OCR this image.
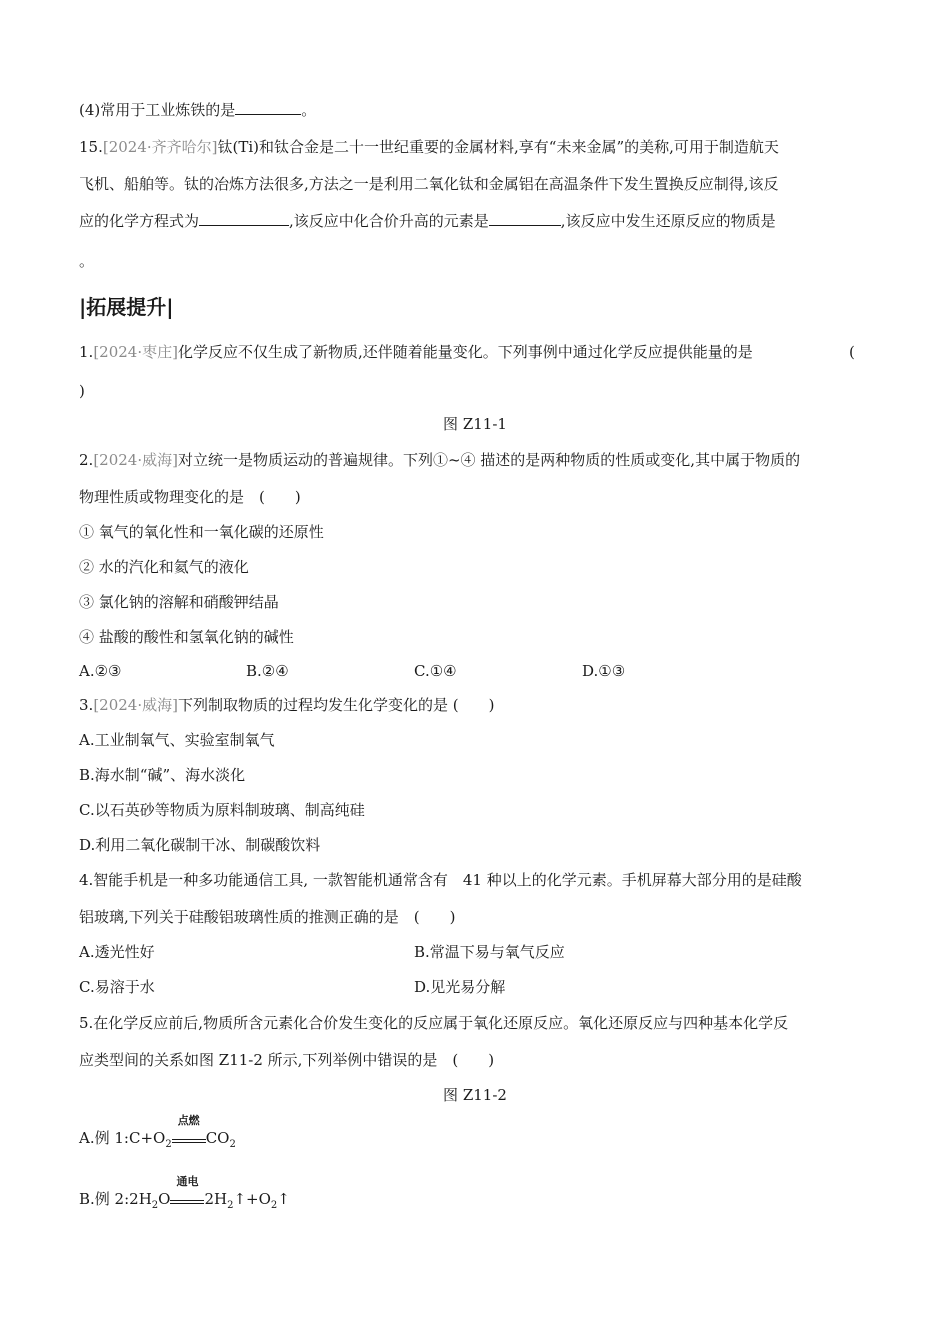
(4)常用于工业炼铁的是	。
15.[2024·齐齐哈尔]钛(Ti)和钛合金是二十一世纪重要的金属材料,享有“未来金属”的美称,可用于制造航天
飞机、船舶等。钛的冶炼方法很多,方法之一是利用二氧化钛和金属铝在高温条件下发生置换反应制得,该反
应的化学方程式为	,该反应中化合价升高的元素是	,该反应中发生还原反应的物质是
。
|拓展提升|
1.[2024·枣庄]化学反应不仅生成了新物质,还伴随着能量变化。下列事例中通过化学反应提供能量的是	(
)
图 Z11-1
2.[2024·威海]对立统一是物质运动的普遍规律。下列①~④ 描述的是两种物质的性质或变化,其中属于物质的
物理性质或物理变化的是　(　　)
① 氧气的氧化性和一氧化碳的还原性
② 水的汽化和氦气的液化
③ 氯化钠的溶解和硝酸钾结晶
④ 盐酸的酸性和氢氧化钠的碱性
A.②③	B.②④	C.①④	D.①③
3.[2024·威海]下列制取物质的过程均发生化学变化的是 (　　)
A.工业制氧气、实验室制氧气
B.海水制“碱”、海水淡化
C.以石英砂等物质为原料制玻璃、制高纯硅
D.利用二氧化碳制干冰、制碳酸饮料
4.智能手机是一种多功能通信工具, 一款智能机通常含有　41 种以上的化学元素。手机屏幕大部分用的是硅酸
铝玻璃,下列关于硅酸铝玻璃性质的推测正确的是　(　　)
A.透光性好	B.常温下易与氧气反应
C.易溶于水	D.见光易分解
5.在化学反应前后,物质所含元素化合价发生变化的反应属于氧化还原反应。氧化还原反应与四种基本化学反
应类型间的关系如图 Z11-2 所示,下列举例中错误的是　(　　)
图 Z11-2
A.例 $1:C+O_2$
点燃
$CO_2$
B.例 $2:2H_2O$
通电
$2H_2↑+O_2↑$
